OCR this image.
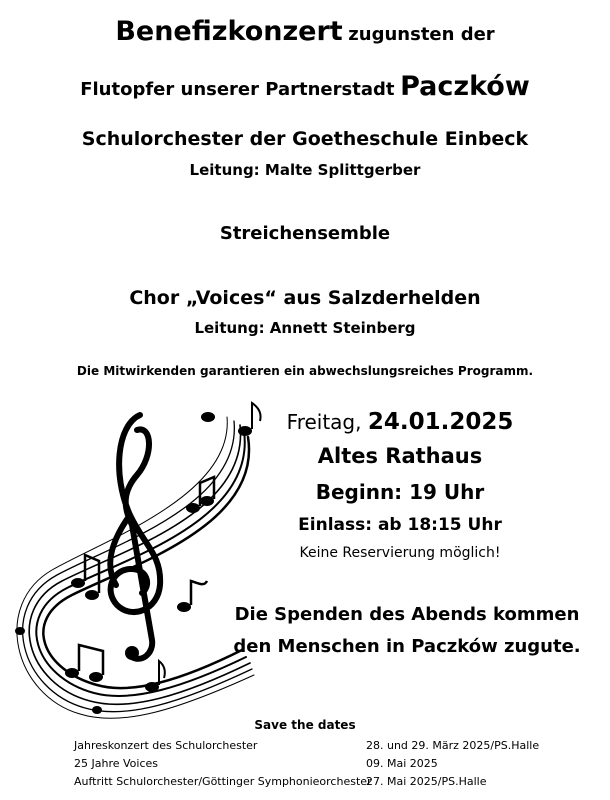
Benefizkonzert zugunsten der
Flutopfer unserer Partnerstadt Paczków
Schulorchester der Goetheschule Einbeck
Leitung: Malte Splittgerber
Streichensemble
Chor „Voices“ aus Salzderhelden
Leitung: Annett Steinberg
Die Mitwirkenden garantieren ein abwechslungsreiches Programm.
Freitag, 24.01.2025
Altes Rathaus
Beginn: 19 Uhr
Einlass: ab 18:15 Uhr
Keine Reservierung möglich!
Die Spenden des Abends kommen
den Menschen in Paczków zugute.
Save the dates
Jahreskonzert des Schulorchester	28. und 29. März 2025/PS.Halle
25 Jahre Voices	09. Mai 2025
Auftritt Schulorchester/Göttinger Symphonieorchester
27. Mai 2025/PS.Halle
